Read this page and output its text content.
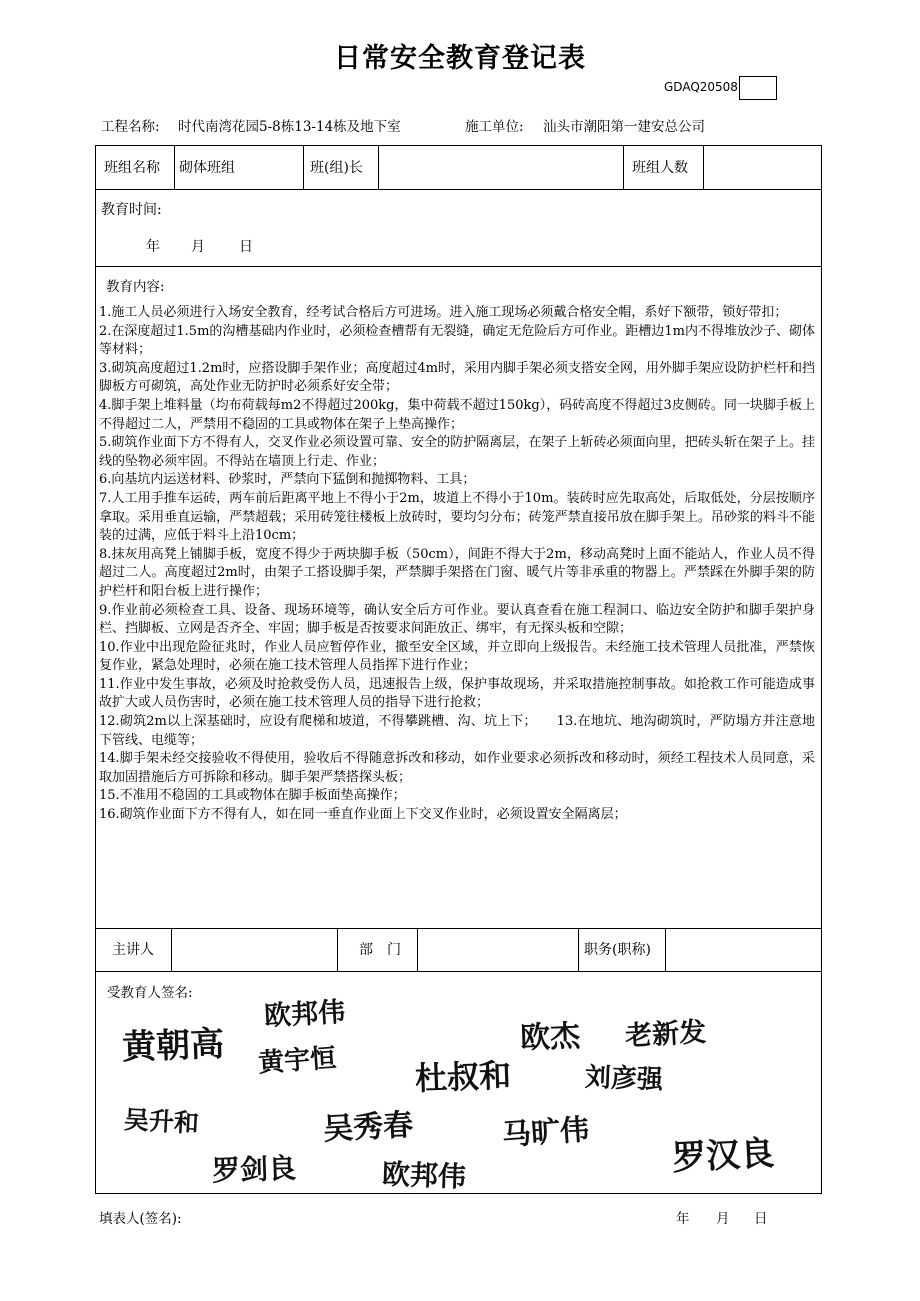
日常安全教育登记表
GDAQ20508
工程名称: 时代南湾花园5-8栋13-14栋及地下室	施工单位: 汕头市潮阳第一建安总公司
班组名称 砌体班组	班(组)长	班组人数
教育时间:
年 月 日
教育内容:

1.施工人员必须进行入场安全教育，经考试合格后方可进场。进入施工现场必须戴合格安全帽，系好下额带，锁好带扣；

2.在深度超过1.5m的沟槽基础内作业时，必须检查槽帮有无裂缝，确定无危险后方可作业。距槽边1m内不得堆放沙子、砌体等材料；

3.砌筑高度超过1.2m时，应搭设脚手架作业；高度超过4m时，采用内脚手架必须支搭安全网，用外脚手架应设防护栏杆和挡脚板方可砌筑，高处作业无防护时必须系好安全带；

4.脚手架上堆料量（均布荷载每m2不得超过200kg，集中荷载不超过150kg），码砖高度不得超过3皮侧砖。同一块脚手板上不得超过二人，严禁用不稳固的工具或物体在架子上垫高操作；

5.砌筑作业面下方不得有人，交叉作业必须设置可靠、安全的防护隔离层，在架子上斩砖必须面向里，把砖头斩在架子上。挂线的坠物必须牢固。不得站在墙顶上行走、作业；

6.向基坑内运送材料、砂浆时，严禁向下猛倒和抛掷物料、工具；

7.人工用手推车运砖，两车前后距离平地上不得小于2m，坡道上不得小于10m。装砖时应先取高处，后取低处，分层按顺序拿取。采用垂直运输，严禁超载；采用砖笼往楼板上放砖时，要均匀分布；砖笼严禁直接吊放在脚手架上。吊砂浆的料斗不能装的过满，应低于料斗上沿10cm；

8.抹灰用高凳上铺脚手板，宽度不得少于两块脚手板（50cm），间距不得大于2m，移动高凳时上面不能站人，作业人员不得超过二人。高度超过2m时，由架子工搭设脚手架，严禁脚手架搭在门窗、暖气片等非承重的物器上。严禁踩在外脚手架的防护栏杆和阳台板上进行操作；

9.作业前必须检查工具、设备、现场环境等，确认安全后方可作业。要认真查看在施工程洞口、临边安全防护和脚手架护身栏、挡脚板、立网是否齐全、牢固；脚手板是否按要求间距放正、绑牢，有无探头板和空隙；

10.作业中出现危险征兆时，作业人员应暂停作业，撤至安全区域，并立即向上级报告。未经施工技术管理人员批准，严禁恢复作业，紧急处理时，必须在施工技术管理人员指挥下进行作业；

11.作业中发生事故，必须及时抢救受伤人员，迅速报告上级，保护事故现场，并采取措施控制事故。如抢救工作可能造成事故扩大或人员伤害时，必须在施工技术管理人员的指导下进行抢救；

12.砌筑2m以上深基础时，应设有爬梯和坡道，不得攀跳槽、沟、坑上下；　　13.在地坑、地沟砌筑时，严防塌方并注意地下管线、电缆等；

14.脚手架未经交接验收不得使用，验收后不得随意拆改和移动，如作业要求必须拆改和移动时，须经工程技术人员同意，采取加固措施后方可拆除和移动。脚手架严禁搭探头板；

15.不准用不稳固的工具或物体在脚手板面垫高操作；

16.砌筑作业面下方不得有人，如在同一垂直作业面上下交叉作业时，必须设置安全隔离层；

主讲人	部　门	职务(职称)
受教育人签名:
欧邦伟
黄朝高 黄宇恒
欧杰 老新发
杜叔和	刘彦强
吴升和	吴秀春	马旷伟
罗剑良	欧邦伟	罗汉良
填表人(签名):	年 月 日
